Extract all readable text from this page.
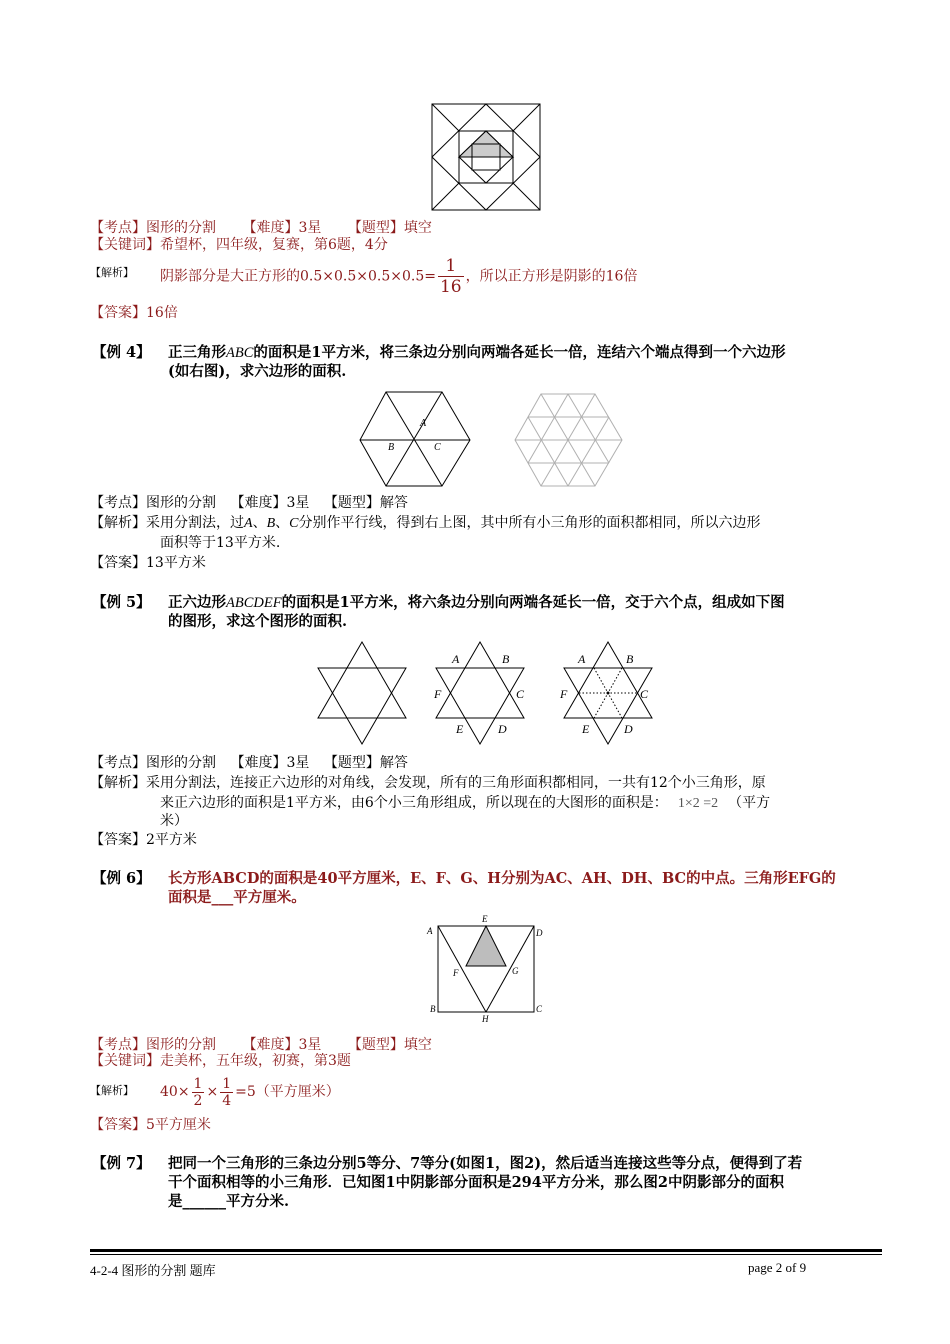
【考点】图形的分割 【难度】3星 【题型】填空
【关键词】希望杯，四年级，复赛，第6题，4分
【解析】 阴影部分是大正方形的$0.5\times 0.5\times 0.5\times 0.5= \frac{1}{16}$ ，所以正方形是阴影的16倍
【答案】16倍
【例 4】 正三角形ABC的面积是1平方米，将三条边分别向两端各延长一倍，连结六个端点得到一个六边形
(如右图)，求六边形的面积.
A
B	C
【考点】图形的分割 【难度】3星 【题型】解答
【解析】采用分割法，过A、B、C分别作平行线，得到右上图，其中所有小三角形的面积都相同，所以六边形
面积等于13平方米.
【答案】13平方米
【例 5】 正六边形ABCDEF的面积是1平方米，将六条边分别向两端各延长一倍，交于六个点，组成如下图
的图形，求这个图形的面积.
A	B
C
D
E
F
A	B
C
D
E
F
【考点】图形的分割 【难度】3星 【题型】解答
【解析】采用分割法，连接正六边形的对角线，会发现，所有的三角形面积都相同，一共有12个小三角形，原
来正六边形的面积是1平方米，由6个小三角形组成，所以现在的大图形的面积是： 1×2 =2 （平方
米）
【答案】2平方米
【例 6】 长方形ABCD的面积是40平方厘米，E、F、G、H分别为AC、AH、DH、BC的中点。三角形EFG的
面积是___平方厘米。
E
A	D
F	G
B	C
H
【考点】图形的分割 【难度】3星 【题型】填空
【关键词】走美杯，五年级，初赛，第3题
【解析】 $40\times \frac{1}{2} \times \frac{1}{4} =5$（平方厘米）
【答案】5平方厘米
【例 7】 把同一个三角形的三条边分别5等分、7等分(如图1，图2)，然后适当连接这些等分点，便得到了若
干个面积相等的小三角形．已知图1中阴影部分面积是294平方分米，那么图2中阴影部分的面积
是______平方分米.
4-2-4 图形的分割 题库	page 2 of 9
